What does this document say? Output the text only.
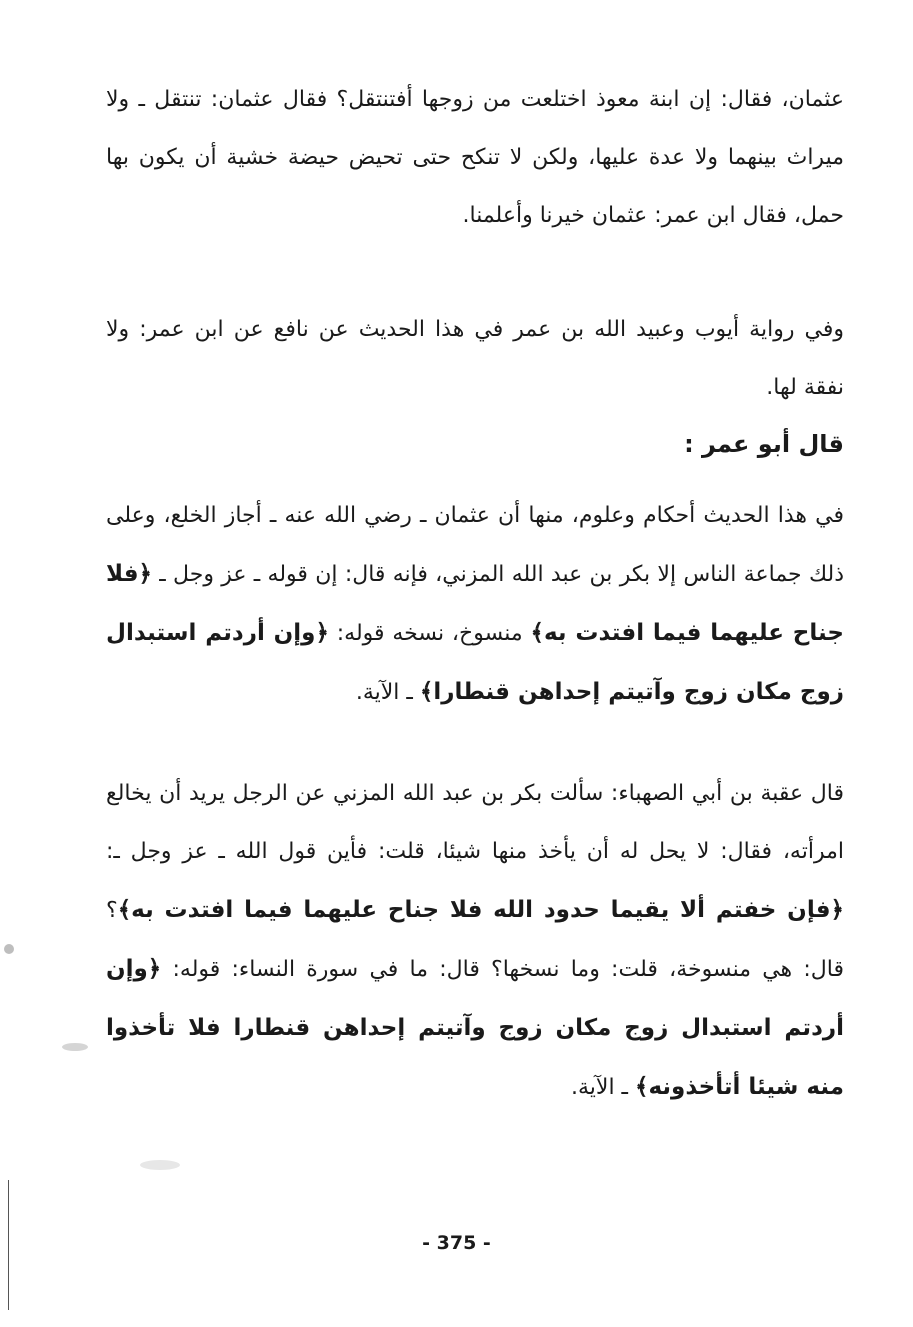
عثمان، فقال: إن ابنة معوذ اختلعت من زوجها أفتنتقل؟ فقال عثمان: تنتقل ـ ولا ميراث بينهما ولا عدة عليها، ولكن لا تنكح حتى تحيض حيضة خشية أن يكون بها حمل، فقال ابن عمر: عثمان خيرنا وأعلمنا.

وفي رواية أيوب وعبيد الله بن عمر في هذا الحديث عن نافع عن ابن عمر: ولا نفقة لها.

قال أبو عمر :

في هذا الحديث أحكام وعلوم، منها أن عثمان ـ رضي الله عنه ـ أجاز الخلع، وعلى ذلك جماعة الناس إلا بكر بن عبد الله المزني، فإنه قال: إن قوله ـ عز وجل ـ ﴿فلا جناح عليهما فيما افتدت به﴾ منسوخ، نسخه قوله: ﴿وإن أردتم استبدال زوج مكان زوج وآتيتم إحداهن قنطارا﴾ ـ الآية.

قال عقبة بن أبي الصهباء: سألت بكر بن عبد الله المزني عن الرجل يريد أن يخالع امرأته، فقال: لا يحل له أن يأخذ منها شيئا، قلت: فأين قول الله ـ عز وجل ـ: ﴿فإن خفتم ألا يقيما حدود الله فلا جناح عليهما فيما افتدت به﴾؟ قال: هي منسوخة، قلت: وما نسخها؟ قال: ما في سورة النساء: قوله: ﴿وإن أردتم استبدال زوج مكان زوج وآتيتم إحداهن قنطارا فلا تأخذوا منه شيئا أتأخذونه﴾ ـ الآية.

- 375 -
